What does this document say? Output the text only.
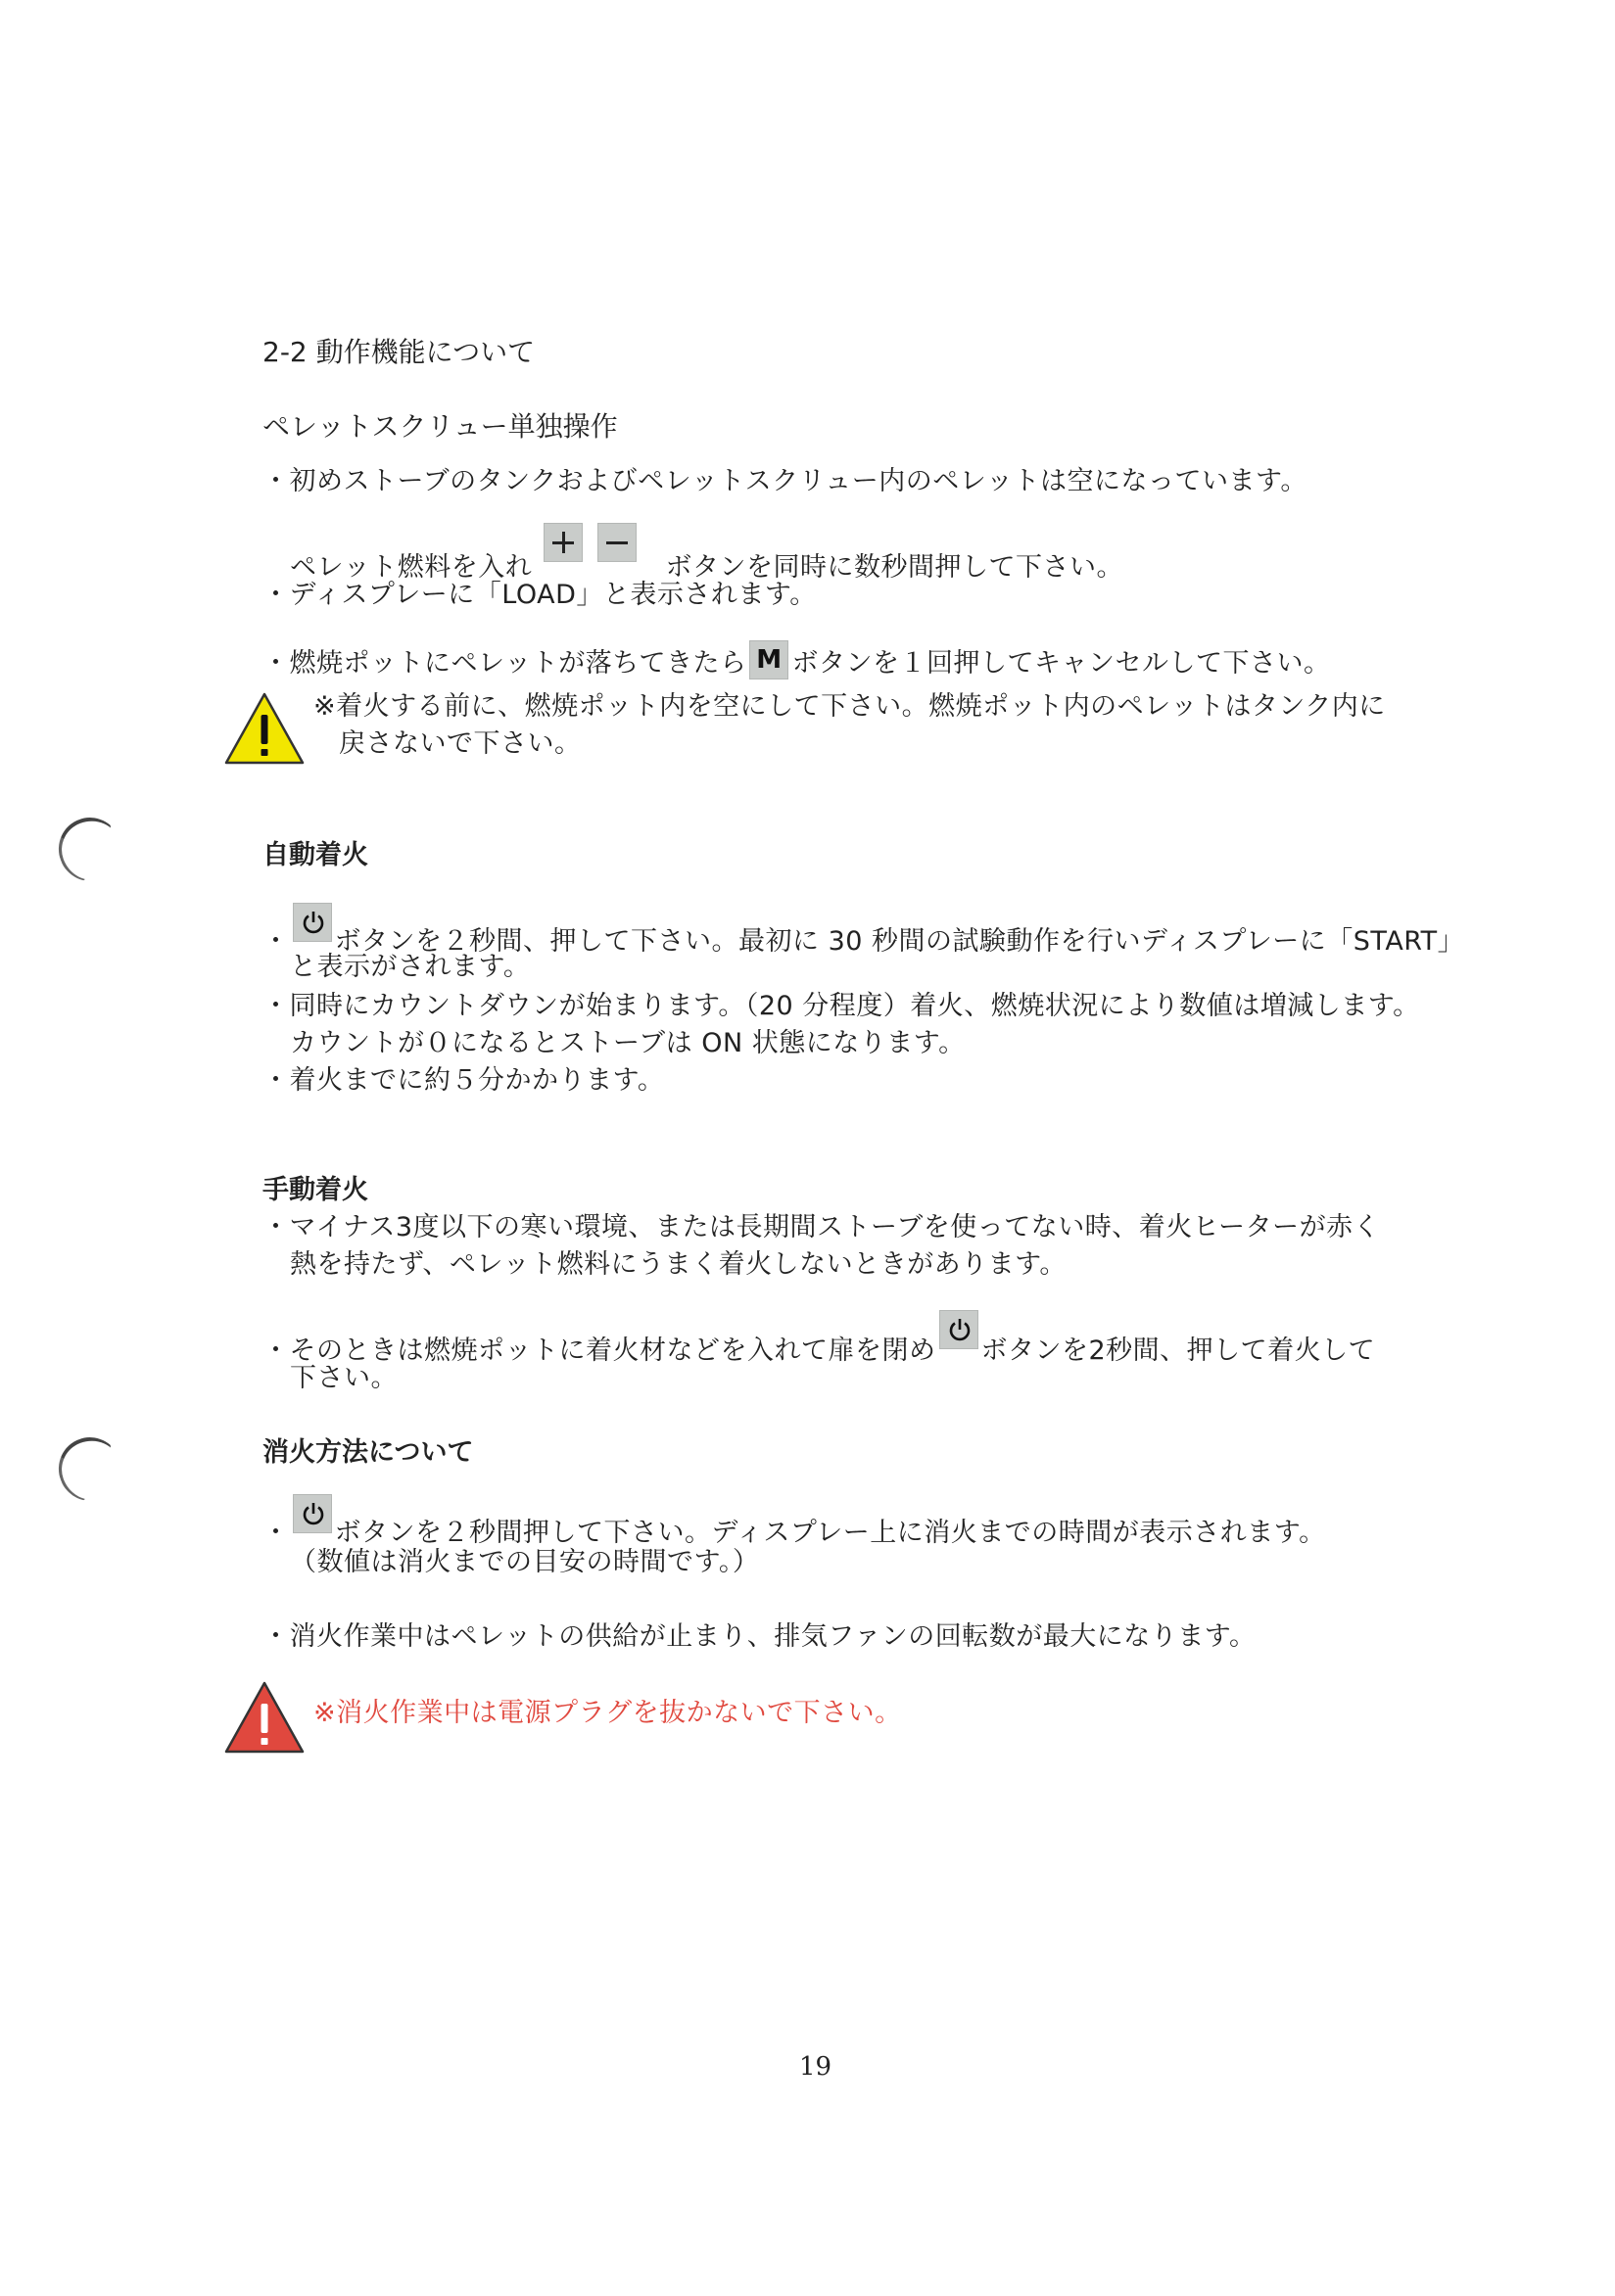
2-2 動作機能について
ペレットスクリュー単独操作
・初めストーブのタンクおよびペレットスクリュー内のペレットは空になっています。
ペレット燃料を入れ	ボタンを同時に数秒間押して下さい。
・ディスプレーに「LOAD」と表示されます。
・燃焼ポットにペレットが落ちてきたら M ボタンを１回押してキャンセルして下さい。
※着火する前に、燃焼ポット内を空にして下さい。燃焼ポット内のペレットはタンク内に
戻さないで下さい。
自動着火
・ ボタンを２秒間、押して下さい。最初に 30 秒間の試験動作を行いディスプレーに「START」
と表示がされます。
・同時にカウントダウンが始まります。（20 分程度）着火、燃焼状況により数値は増減します。
カウントが０になるとストーブは ON 状態になります。
・着火までに約５分かかります。
手動着火
・マイナス3度以下の寒い環境、または長期間ストーブを使ってない時、着火ヒーターが赤く
熱を持たず、ペレット燃料にうまく着火しないときがあります。
・そのときは燃焼ポットに着火材などを入れて扉を閉め ボタンを2秒間、押して着火して
下さい。
消火方法について
・ ボタンを２秒間押して下さい。ディスプレー上に消火までの時間が表示されます。
（数値は消火までの目安の時間です。）
・消火作業中はペレットの供給が止まり、排気ファンの回転数が最大になります。
※消火作業中は電源プラグを抜かないで下さい。
19
